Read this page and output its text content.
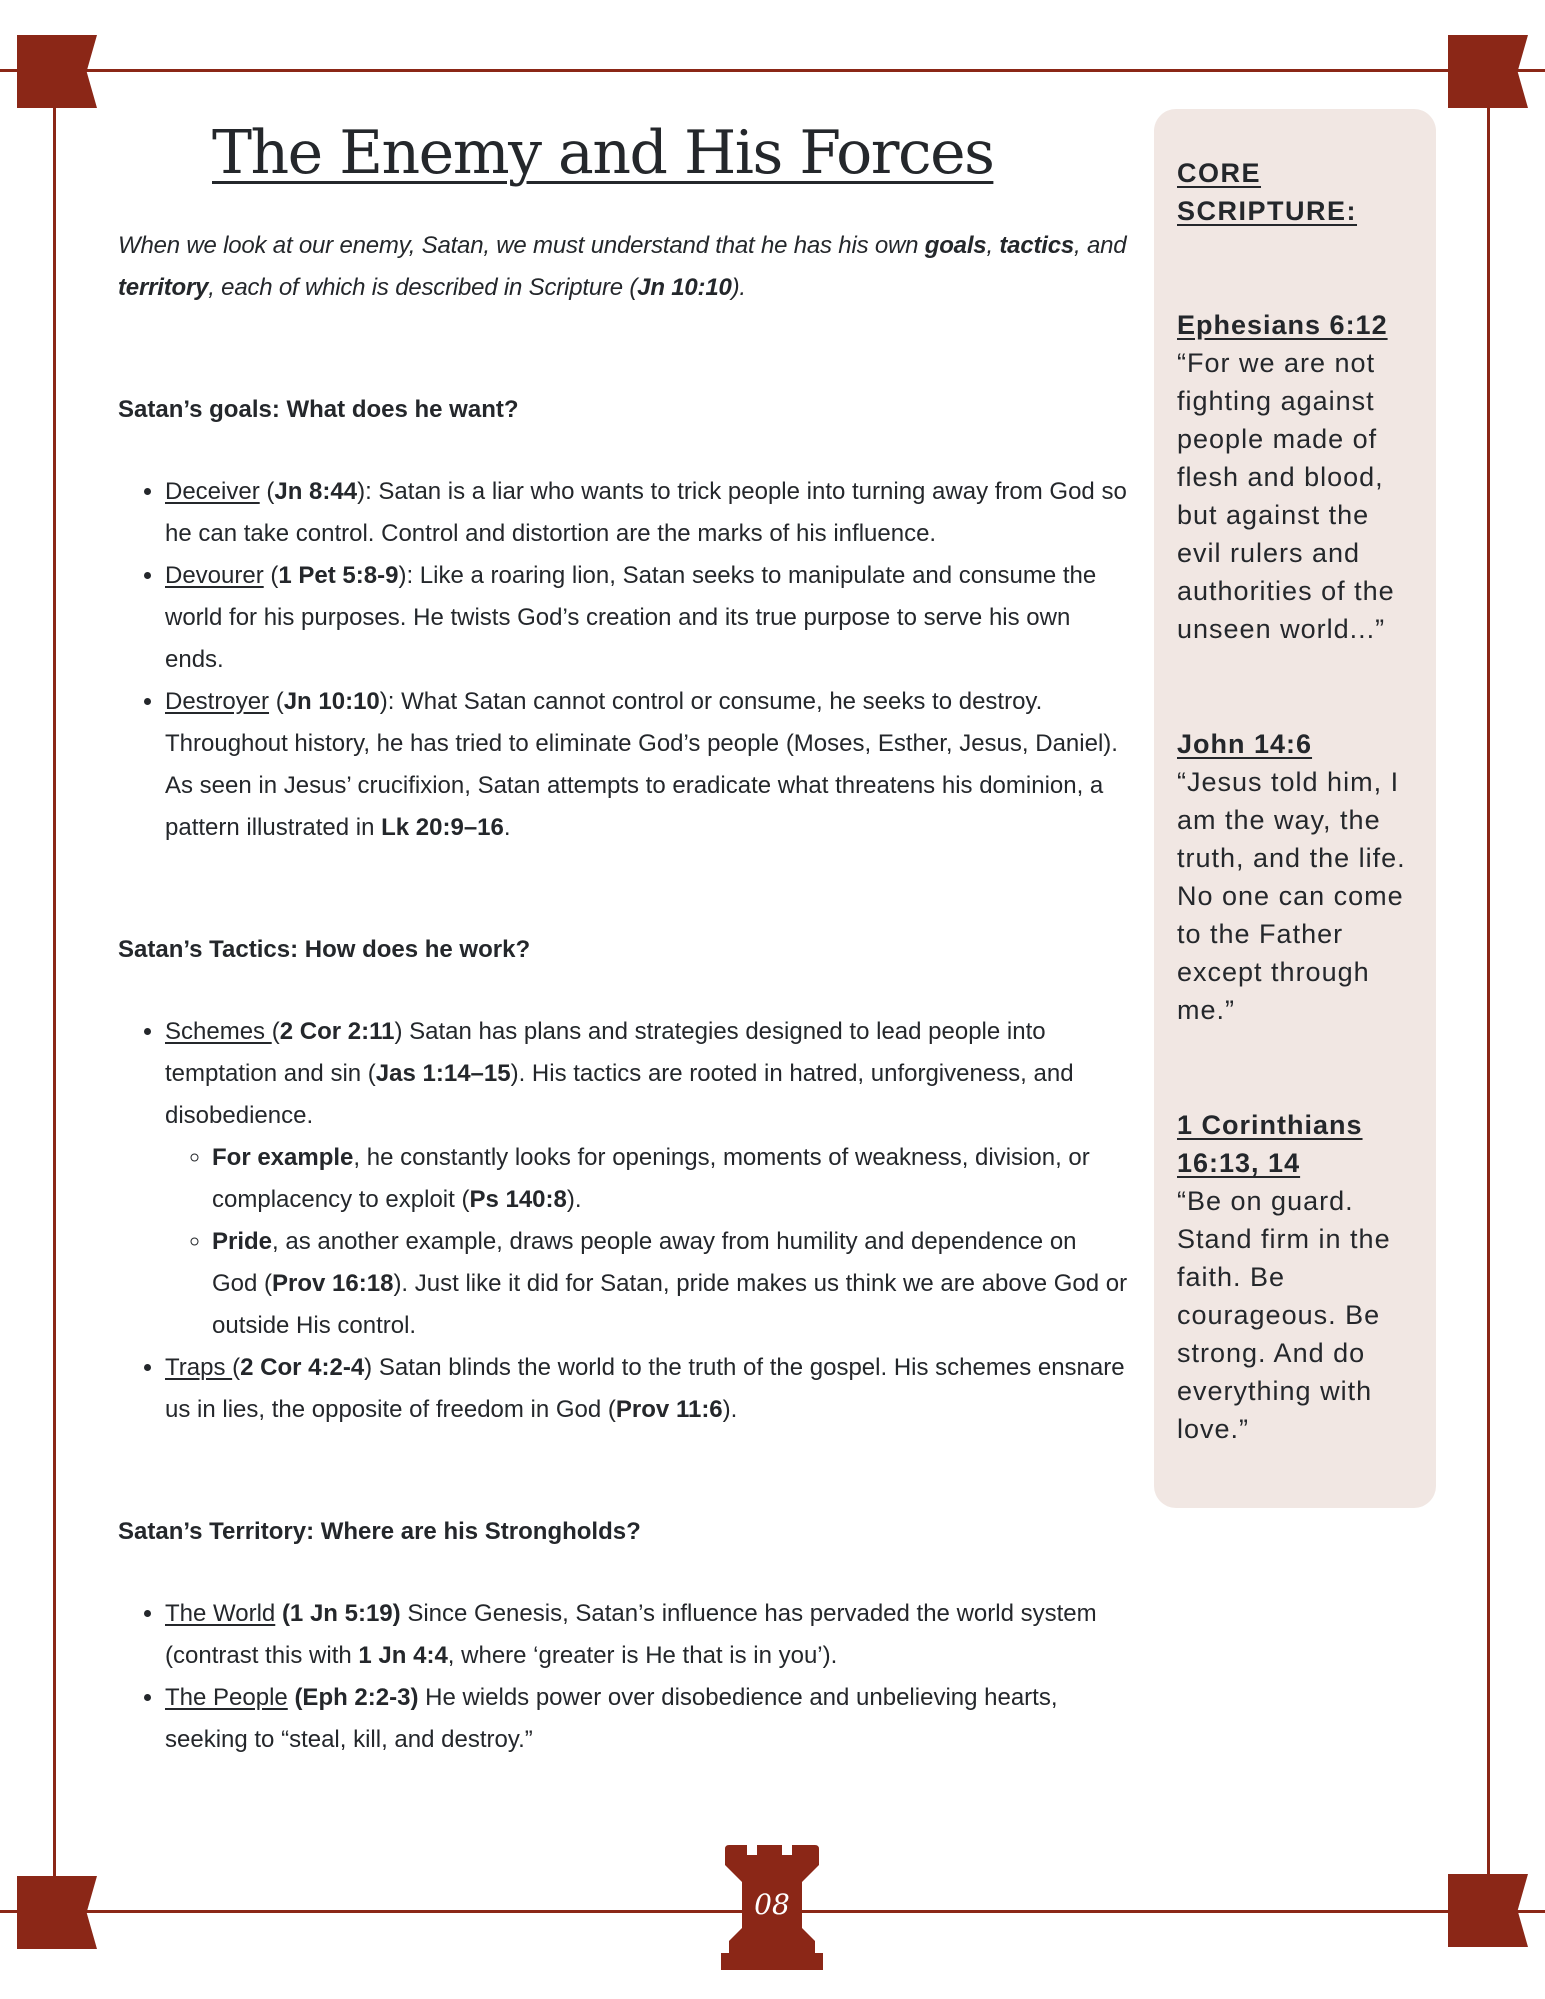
The Enemy and His Forces

When we look at our enemy, Satan, we must understand that he has his own goals, tactics, and territory, each of which is described in Scripture (Jn 10:10).

Satan’s goals: What does he want?
• Deceiver (Jn 8:44): Satan is a liar who wants to trick people into turning away from God so he can take control. Control and distortion are the marks of his influence.
• Devourer (1 Pet 5:8-9): Like a roaring lion, Satan seeks to manipulate and consume the world for his purposes. He twists God’s creation and its true purpose to serve his own ends.
• Destroyer (Jn 10:10): What Satan cannot control or consume, he seeks to destroy. Throughout history, he has tried to eliminate God’s people (Moses, Esther, Jesus, Daniel). As seen in Jesus’ crucifixion, Satan attempts to eradicate what threatens his dominion, a pattern illustrated in Lk 20:9–16.
Satan’s Tactics: How does he work?
• Schemes (2 Cor 2:11) Satan has plans and strategies designed to lead people into temptation and sin (Jas 1:14–15). His tactics are rooted in hatred, unforgiveness, and disobedience.
◦ For example, he constantly looks for openings, moments of weakness, division, or complacency to exploit (Ps 140:8).
◦ Pride, as another example, draws people away from humility and dependence on God (Prov 16:18). Just like it did for Satan, pride makes us think we are above God or outside His control.
• Traps (2 Cor 4:2-4) Satan blinds the world to the truth of the gospel. His schemes ensnare us in lies, the opposite of freedom in God (Prov 11:6).
Satan’s Territory: Where are his Strongholds?
• The World (1 Jn 5:19) Since Genesis, Satan’s influence has pervaded the world system (contrast this with 1 Jn 4:4, where ‘greater is He that is in you’).
• The People (Eph 2:2-3) He wields power over disobedience and unbelieving hearts, seeking to “steal, kill, and destroy.”
CORE SCRIPTURE:
Ephesians 6:12
“For we are not fighting against people made of flesh and blood, but against the evil rulers and authorities of the unseen world...”
John 14:6
“Jesus told him, I am the way, the truth, and the life. No one can come to the Father except through me.”
1 Corinthians 16:13, 14
“Be on guard. Stand firm in the faith. Be courageous. Be strong. And do everything with love.”
08
